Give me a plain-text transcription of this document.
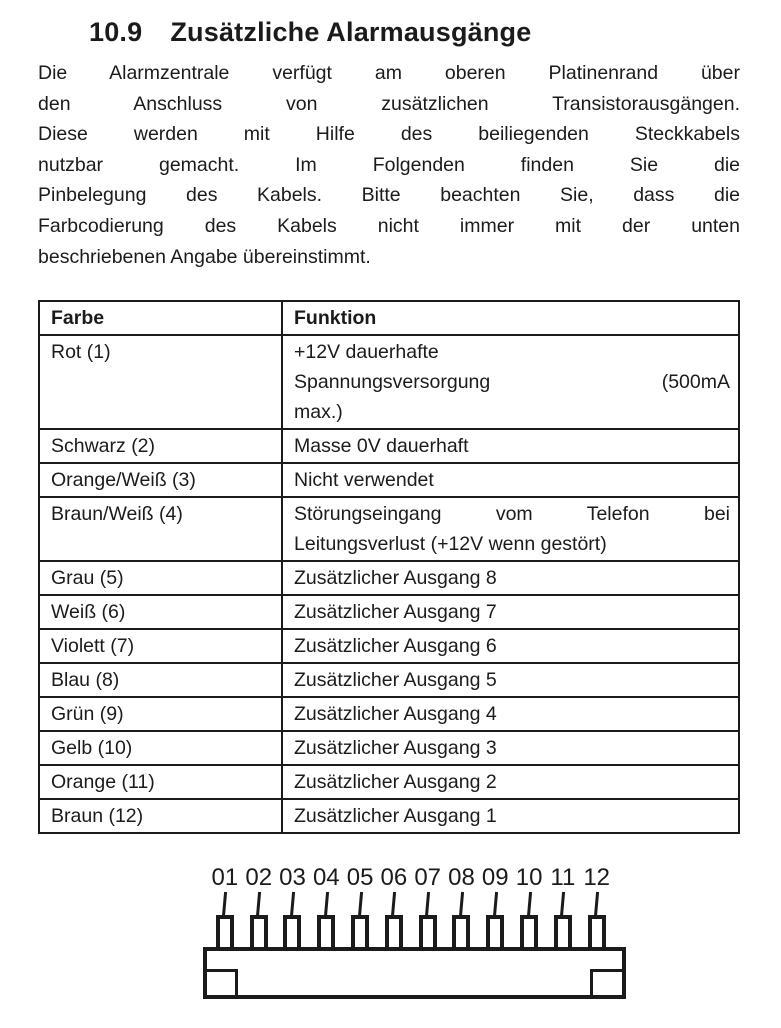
10.9 Zusätzliche Alarmausgänge
Die Alarmzentrale verfügt am oberen Platinenrand über
den Anschluss von zusätzlichen Transistorausgängen.
Diese werden mit Hilfe des beiliegenden Steckkabels
nutzbar gemacht. Im Folgenden finden Sie die
Pinbelegung des Kabels. Bitte beachten Sie, dass die
Farbcodierung des Kabels nicht immer mit der unten
beschriebenen Angabe übereinstimmt.
Farbe	Funktion
Rot (1)	+12V dauerhafte
Spannungsversorgung (500mA
max.)

Schwarz (2)	Masse 0V dauerhaft

Orange/Weiß (3)	Nicht verwendet

Braun/Weiß (4)	Störungseingang vom Telefon bei
Leitungsverlust (+12V wenn gestört)

Grau (5)	Zusätzlicher Ausgang 8

Weiß (6)	Zusätzlicher Ausgang 7

Violett (7)	Zusätzlicher Ausgang 6

Blau (8)	Zusätzlicher Ausgang 5

Grün (9)	Zusätzlicher Ausgang 4

Gelb (10)	Zusätzlicher Ausgang 3

Orange (11)	Zusätzlicher Ausgang 2

Braun (12)	Zusätzlicher Ausgang 1
01 02 03 04 05 06 07 08 09 10 11 12
